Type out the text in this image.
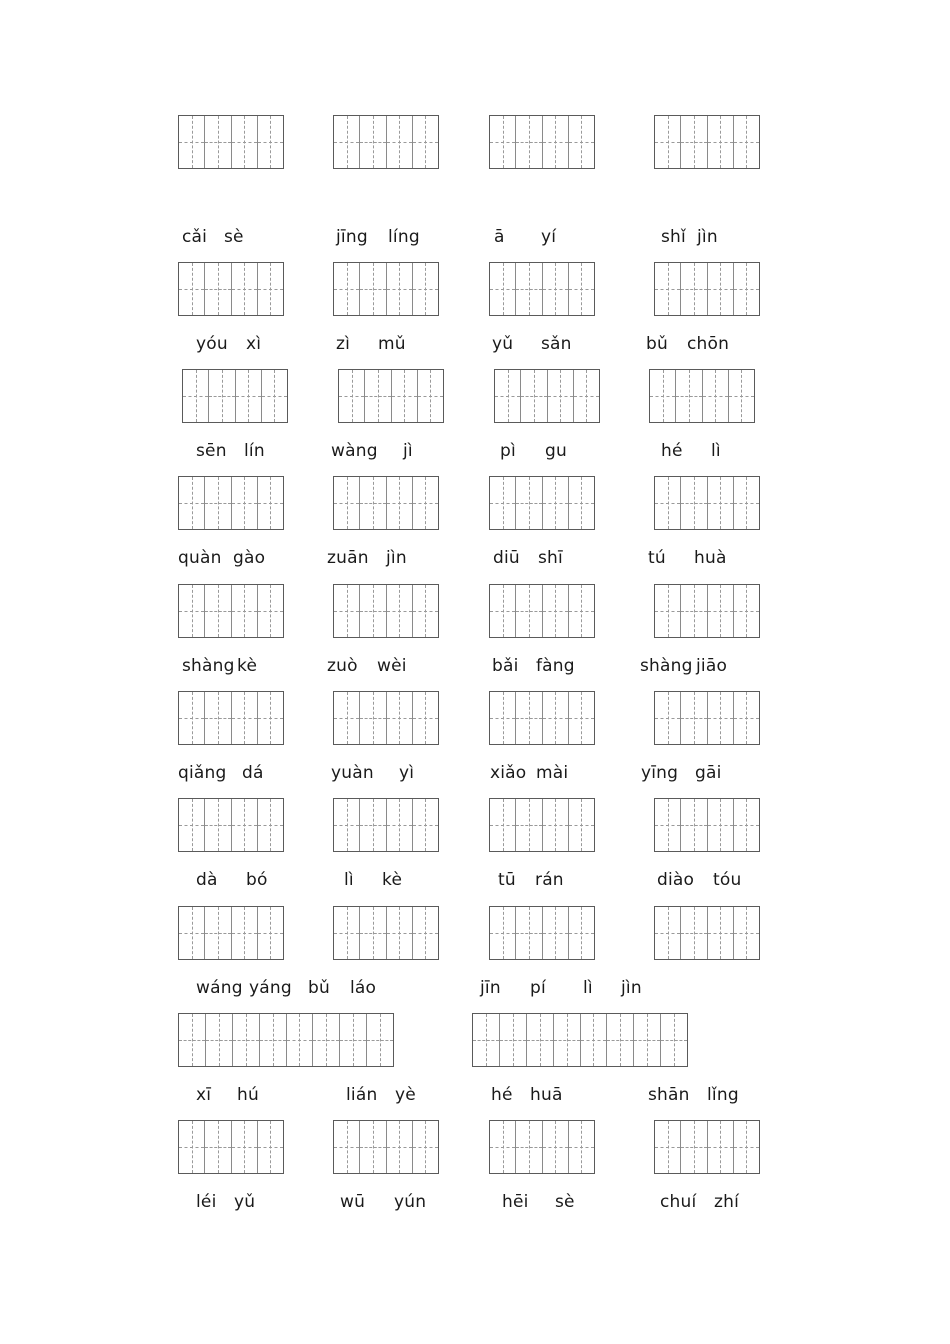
cǎi sè	jīng líng	ā yí	shǐ jìn
yóu xì	zì mǔ	yǔ sǎn	bǔ chōn
sēn lín	wàng jì	pì gu	hé lì
quàn gào	zuān jìn	diū shī	tú huà
shàng kè	zuò wèi	bǎi fàng	shàng jiāo
qiǎng dá	yuàn yì	xiǎo mài	yīng gāi
dà bó	lì kè	tū rán	diào tóu
wáng yáng bǔ láo	jīn pí lì jìn
xī hú	lián yè	hé huā	shān lǐng
léi yǔ	wū yún	hēi sè	chuí zhí
